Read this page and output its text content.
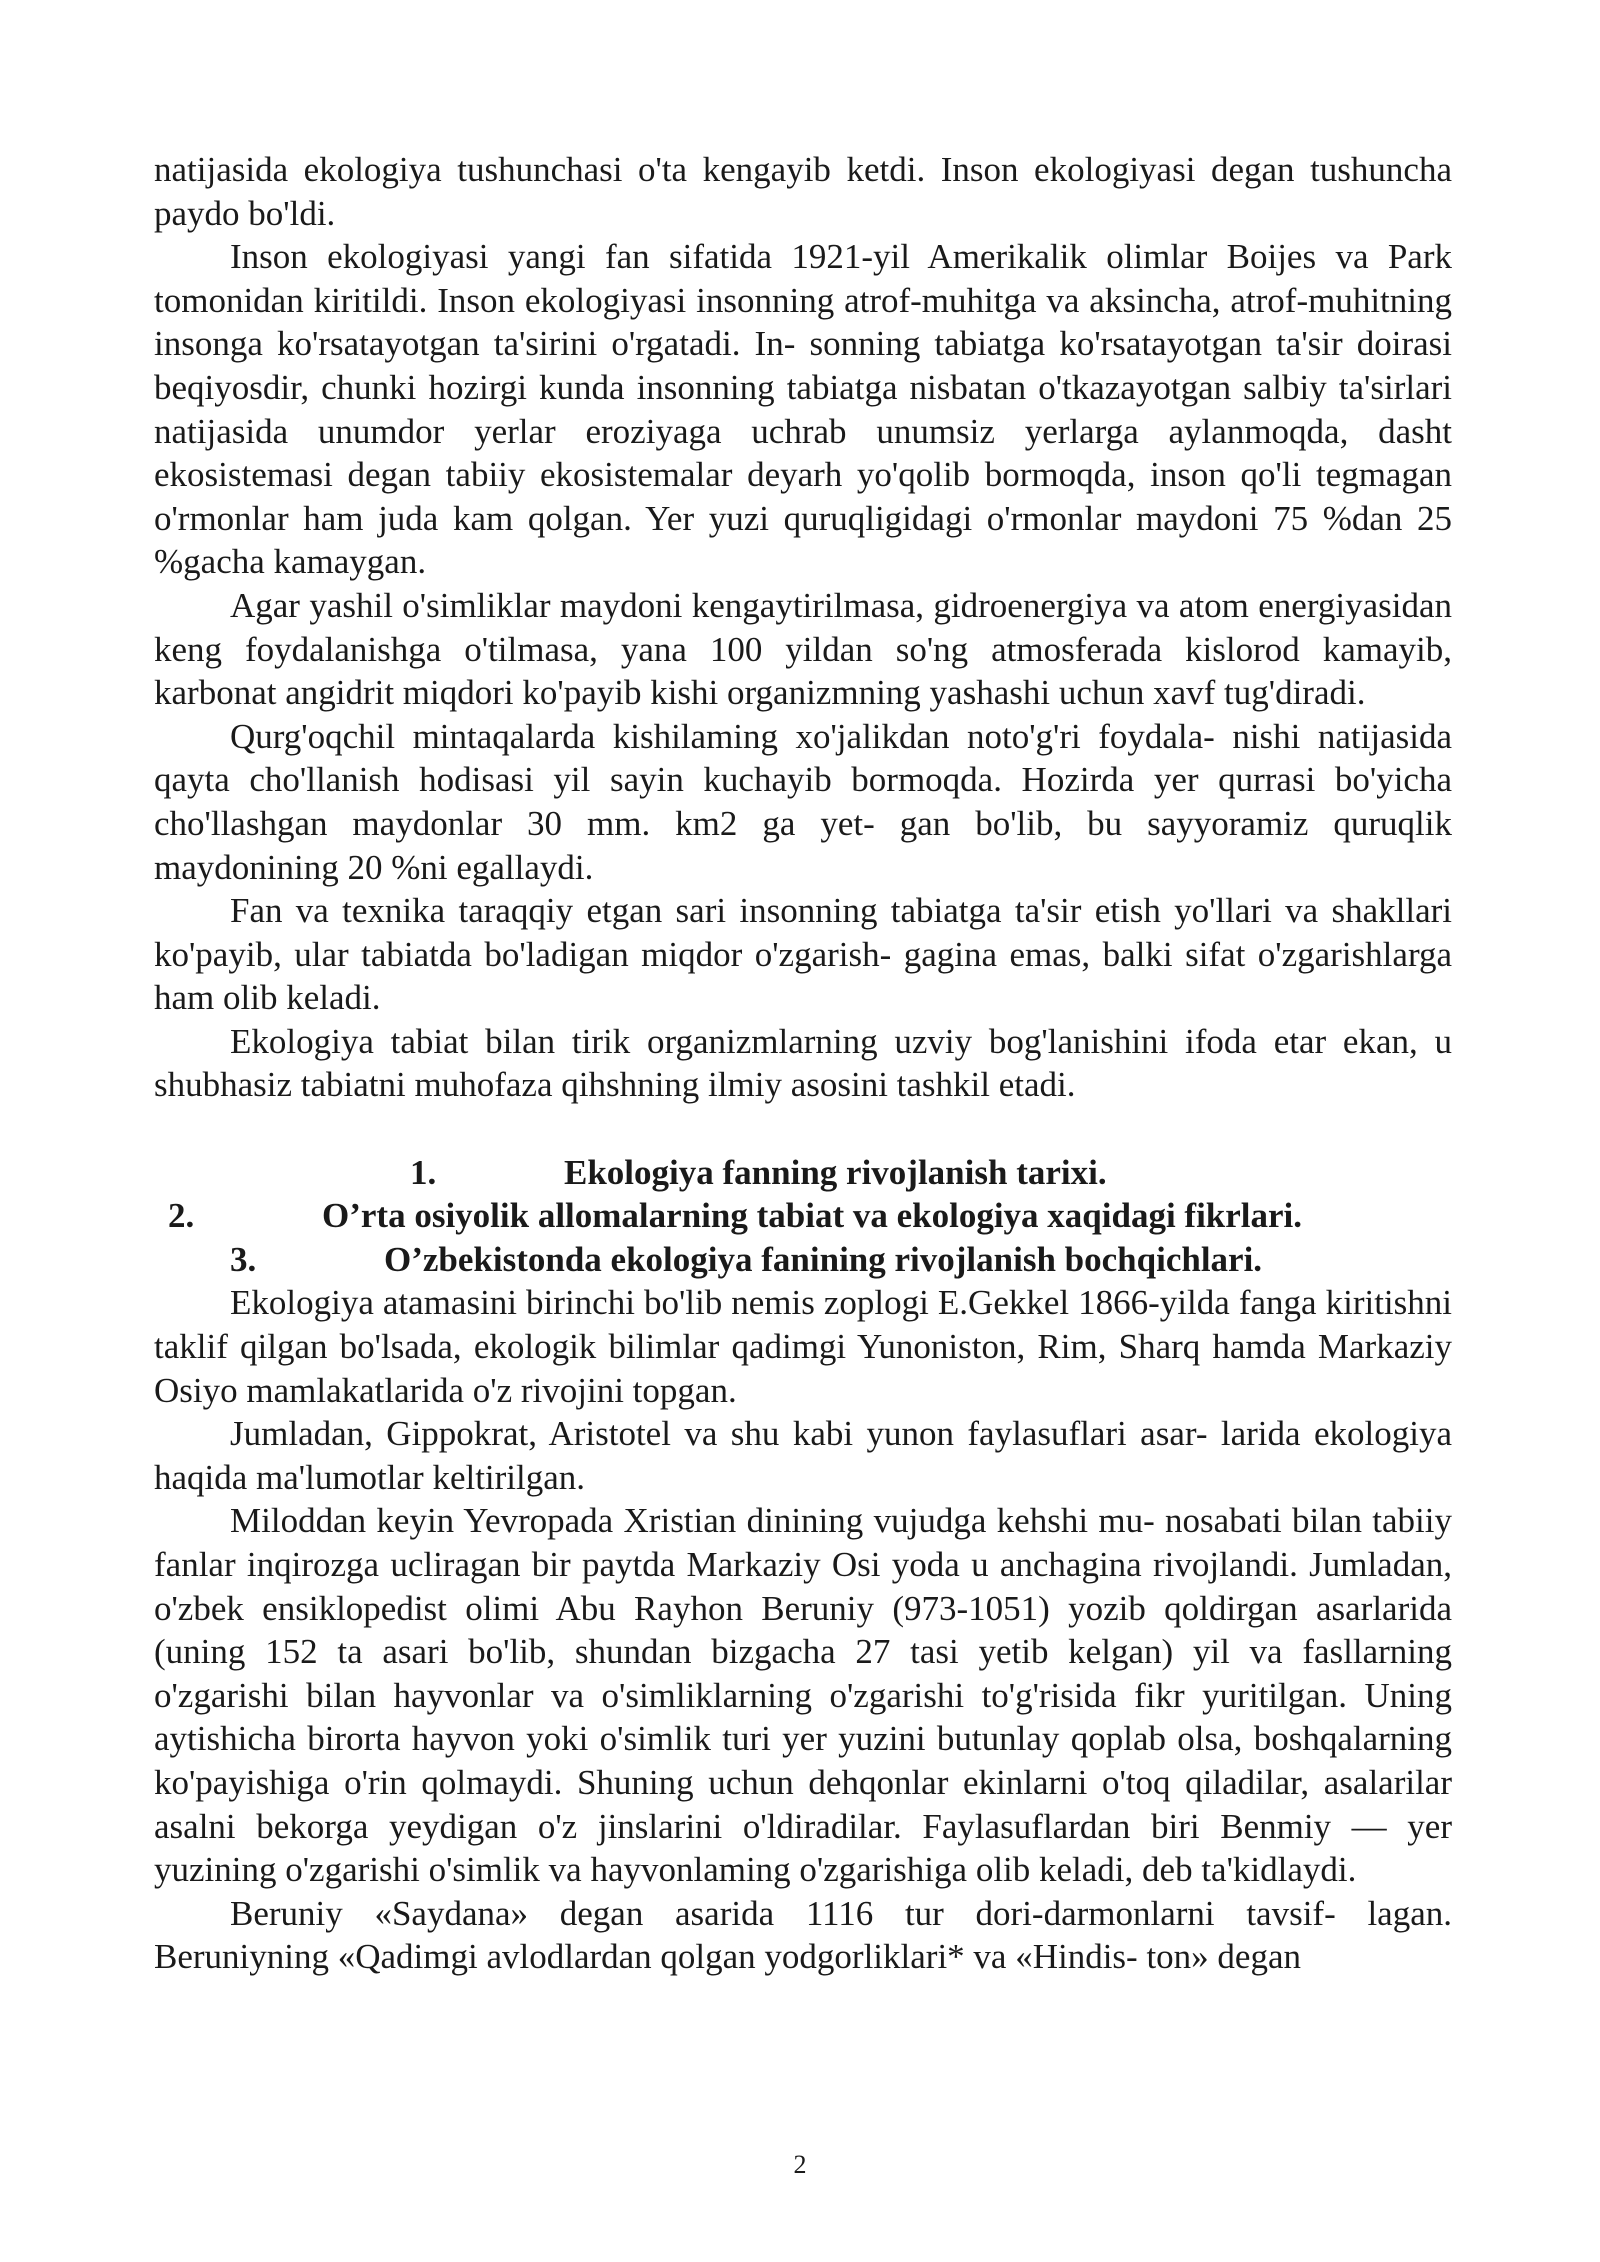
natijasida ekologiya tushunchasi o'ta kengayib ketdi. Inson ekologiyasi degan tushuncha paydo bo'ldi.

Inson ekologiyasi yangi fan sifatida 1921-yil Amerikalik olimlar Boijes va Park tomonidan kiritildi. Inson ekologiyasi insonning atrof-muhitga va aksincha, atrof-muhitning insonga ko'rsatayotgan ta'sirini o'rgatadi. In- sonning tabiatga ko'rsatayotgan ta'sir doirasi beqiyosdir, chunki hozirgi kunda insonning tabiatga nisbatan o'tkazayotgan salbiy ta'sirlari natijasida unumdor yerlar eroziyaga uchrab unumsiz yerlarga aylanmoqda, dasht ekosistemasi degan tabiiy ekosistemalar deyarh yo'qolib bormoqda, inson qo'li tegmagan o'rmonlar ham juda kam qolgan. Yer yuzi quruqligidagi o'rmonlar maydoni 75 %dan 25 %gacha kamaygan.

Agar yashil o'simliklar maydoni kengaytirilmasa, gidroenergiya va atom energiyasidan keng foydalanishga o'tilmasa, yana 100 yildan so'ng atmosferada kislorod kamayib, karbonat angidrit miqdori ko'payib kishi organizmning yashashi uchun xavf tug'diradi.

Qurg'oqchil mintaqalarda kishilaming xo'jalikdan noto'g'ri foydala- nishi natijasida qayta cho'llanish hodisasi yil sayin kuchayib bormoqda. Hozirda yer qurrasi bo'yicha cho'llashgan maydonlar 30 mm. km2 ga yet- gan bo'lib, bu sayyoramiz quruqlik maydonining 20 %ni egallaydi.

Fan va texnika taraqqiy etgan sari insonning tabiatga ta'sir etish yo'llari va shakllari ko'payib, ular tabiatda bo'ladigan miqdor o'zgarish- gagina emas, balki sifat o'zgarishlarga ham olib keladi.

Ekologiya tabiat bilan tirik organizmlarning uzviy bog'lanishini ifoda etar ekan, u shubhasiz tabiatni muhofaza qihshning ilmiy asosini tashkil etadi.

1.	Ekologiya fanning rivojlanish tarixi.
2.	O’rta osiyolik allomalarning tabiat va ekologiya xaqidagi fikrlari.
3.	O’zbekistonda ekologiya fanining rivojlanish bochqichlari.

Ekologiya atamasini birinchi bo'lib nemis zoplogi E.Gekkel 1866-yilda fanga kiritishni taklif qilgan bo'lsada, ekologik bilimlar qadimgi Yunoniston, Rim, Sharq hamda Markaziy Osiyo mamlakatlarida o'z rivojini topgan.

Jumladan, Gippokrat, Aristotel va shu kabi yunon faylasuflari asar- larida ekologiya haqida ma'lumotlar keltirilgan.

Miloddan keyin Yevropada Xristian dinining vujudga kehshi mu- nosabati bilan tabiiy fanlar inqirozga ucliragan bir paytda Markaziy Osi yoda u anchagina rivojlandi. Jumladan, o'zbek ensiklopedist olimi Abu Rayhon Beruniy (973-1051) yozib qoldirgan asarlarida (uning 152 ta asari bo'lib, shundan bizgacha 27 tasi yetib kelgan) yil va fasllarning o'zgarishi bilan hayvonlar va o'simliklarning o'zgarishi to'g'risida fikr yuritilgan. Uning aytishicha birorta hayvon yoki o'simlik turi yer yuzini butunlay qoplab olsa, boshqalarning ko'payishiga o'rin qolmaydi. Shuning uchun dehqonlar ekinlarni o'toq qiladilar, asalarilar asalni bekorga yeydigan o'z jinslarini o'ldiradilar. Faylasuflardan biri Benmiy — yer yuzining o'zgarishi o'simlik va hayvonlaming o'zgarishiga olib keladi, deb ta'kidlaydi.

Beruniy «Saydana» degan asarida 1116 tur dori-darmonlarni tavsif- lagan. Beruniyning «Qadimgi avlodlardan qolgan yodgorliklari* va «Hindis- ton» degan

2
